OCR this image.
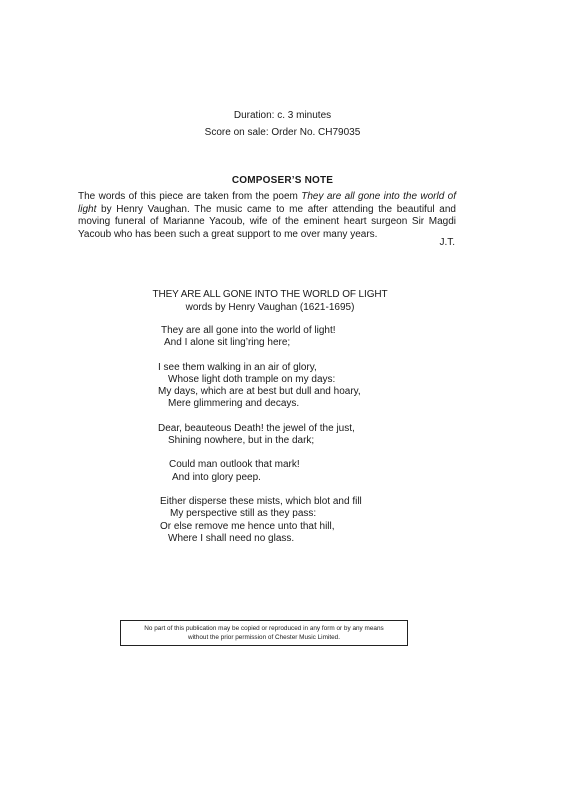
Duration: c. 3 minutes
Score on sale: Order No. CH79035
COMPOSER’S NOTE
The words of this piece are taken from the poem They are all gone into the world of light by Henry Vaughan. The music came to me after attending the beautiful and moving funeral of Marianne Yacoub, wife of the eminent heart surgeon Sir Magdi Yacoub who has been such a great support to me over many years.
J.T.
THEY ARE ALL GONE INTO THE WORLD OF LIGHT
words by Henry Vaughan (1621-1695)
They are all gone into the world of light!
And I alone sit ling’ring here;
I see them walking in an air of glory,
Whose light doth trample on my days:
My days, which are at best but dull and hoary,
Mere glimmering and decays.
Dear, beauteous Death! the jewel of the just,
Shining nowhere, but in the dark;
Could man outlook that mark!
And into glory peep.
Either disperse these mists, which blot and fill
My perspective still as they pass:
Or else remove me hence unto that hill,
Where I shall need no glass.
No part of this publication may be copied or reproduced in any form or by any means
without the prior permission of Chester Music Limited.
